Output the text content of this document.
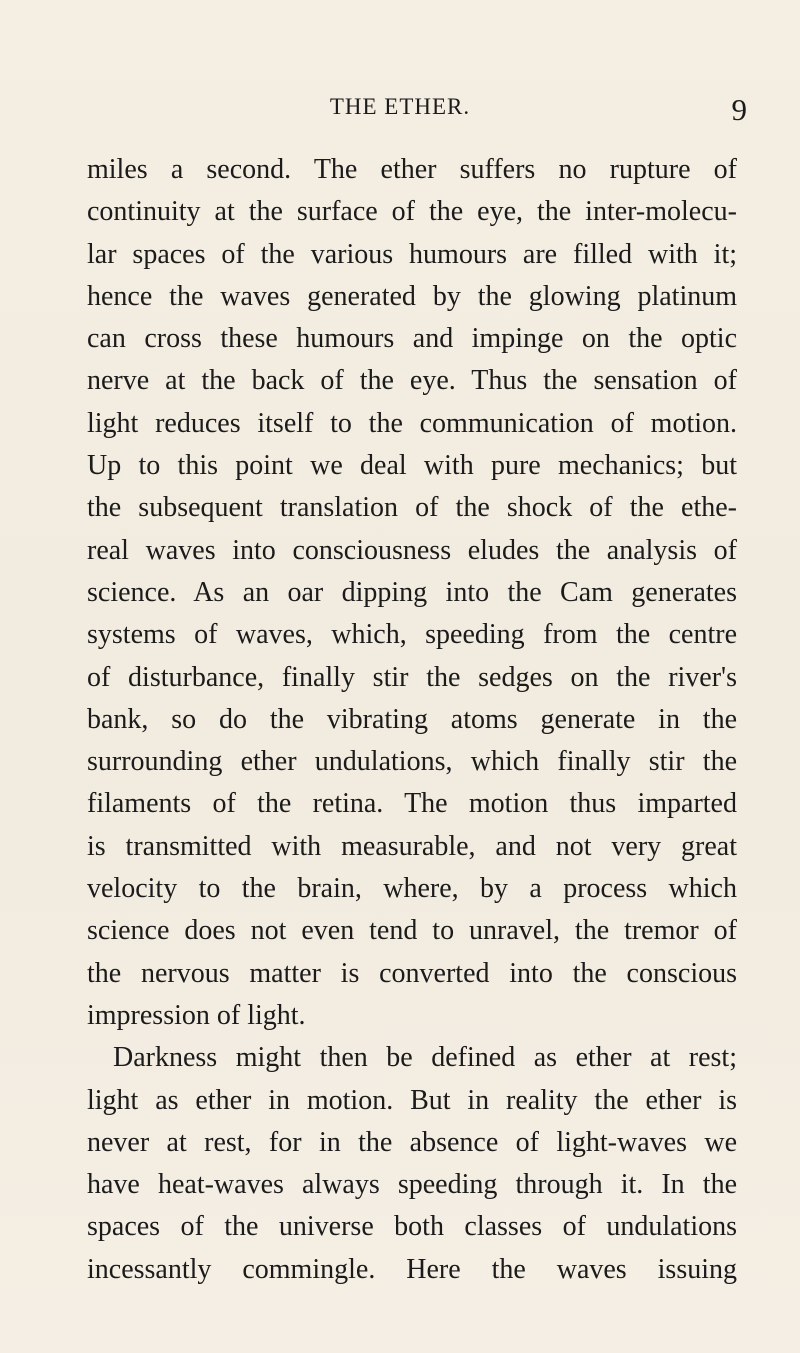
THE ETHER.	9
miles a second. The ether suffers no rupture of
continuity at the surface of the eye, the inter-molecu-
lar spaces of the various humours are filled with it;
hence the waves generated by the glowing platinum
can cross these humours and impinge on the optic
nerve at the back of the eye. Thus the sensation of
light reduces itself to the communication of motion.
Up to this point we deal with pure mechanics; but
the subsequent translation of the shock of the ethe-
real waves into consciousness eludes the analysis of
science. As an oar dipping into the Cam generates
systems of waves, which, speeding from the centre
of disturbance, finally stir the sedges on the river's
bank, so do the vibrating atoms generate in the
surrounding ether undulations, which finally stir the
filaments of the retina. The motion thus imparted
is transmitted with measurable, and not very great
velocity to the brain, where, by a process which
science does not even tend to unravel, the tremor of
the nervous matter is converted into the conscious
impression of light.
Darkness might then be defined as ether at rest;
light as ether in motion. But in reality the ether is
never at rest, for in the absence of light-waves we
have heat-waves always speeding through it. In the
spaces of the universe both classes of undulations
incessantly commingle. Here the waves issuing
